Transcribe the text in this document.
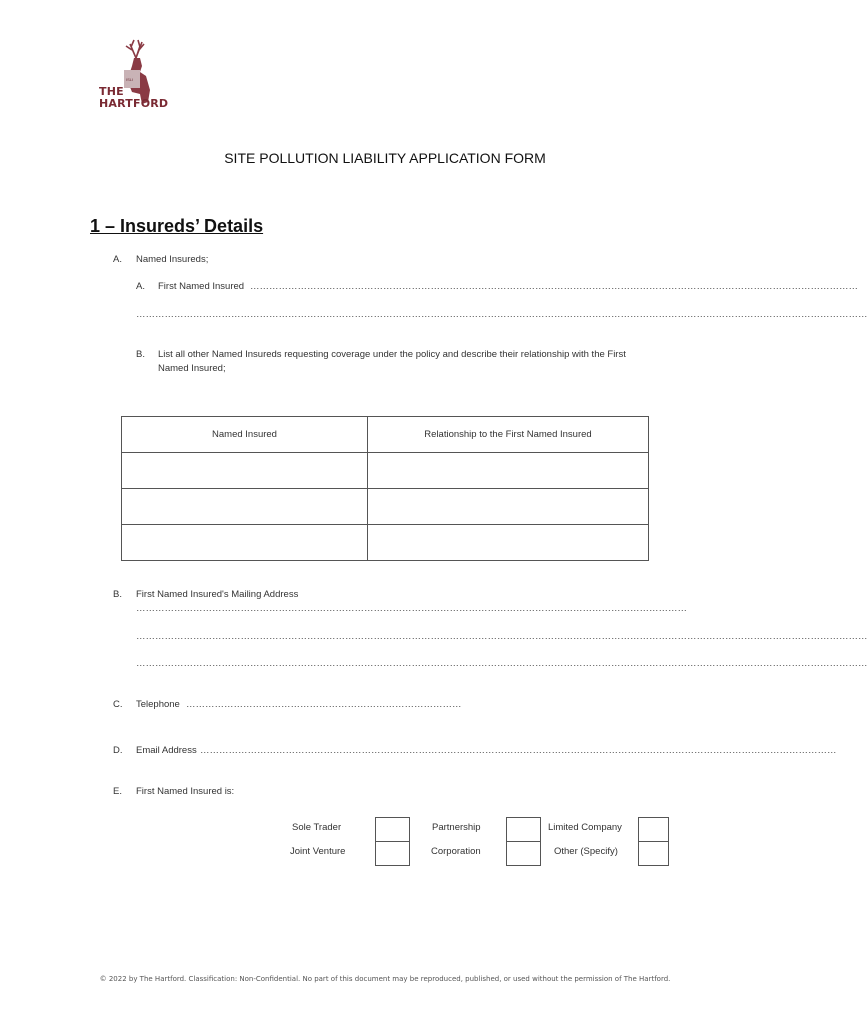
ISLI
THE
HARTFORD
SITE POLLUTION LIABILITY APPLICATION FORM
1 – Insureds’ Details
A. Named Insureds;
A. First Named Insured …………………………………………………………………………………………………………………………………………………………………………
……………………………………………………………………………………………………………………………………………………………………………………………………………
B. List all other Named Insureds requesting coverage under the policy and describe their relationship with the First
Named Insured;
Named Insured	Relationship to the First Named Insured

B. First Named Insured's Mailing Address
…………………………………………………………………………………………………………………………………………………………
……………………………………………………………………………………………………………………………………………………………………………………………………………
……………………………………………………………………………………………………………………………………………………………………………………………………………
C. Telephone ……………………………………………………………………………
D. Email Address …………………………………………………………………………………………………………………………………………………………………………………
E. First Named Insured is:
Sole Trader	Partnership	Limited Company
Joint Venture	Corporation	Other (Specify)
© 2022 by The Hartford. Classification: Non-Confidential. No part of this document may be reproduced, published, or used without the permission of The Hartford.
